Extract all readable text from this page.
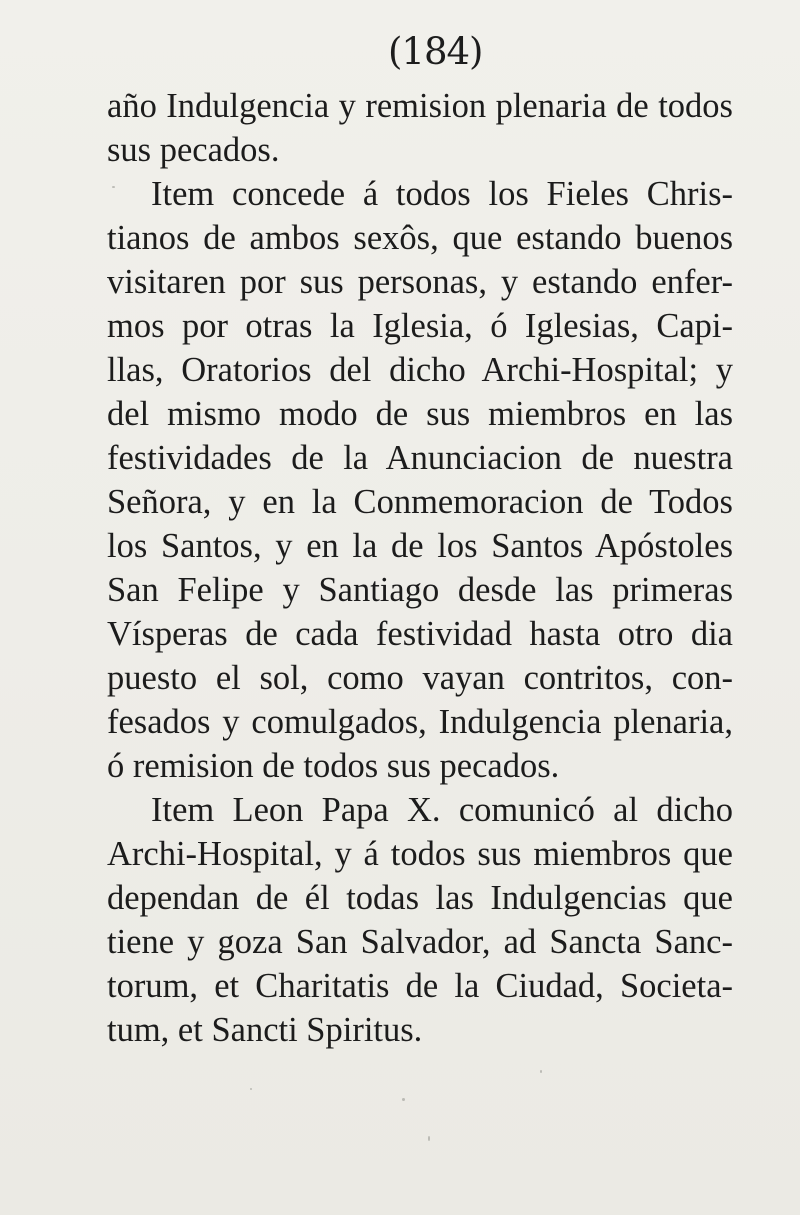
(184)
año Indulgencia y remision plenaria de todos
sus pecados.
Item concede á todos los Fieles Chris-
tianos de ambos sexôs, que estando buenos
visitaren por sus personas, y estando enfer-
mos por otras la Iglesia, ó Iglesias, Capi-
llas, Oratorios del dicho Archi-Hospital; y
del mismo modo de sus miembros en las
festividades de la Anunciacion de nuestra
Señora, y en la Conmemoracion de Todos
los Santos, y en la de los Santos Apóstoles
San Felipe y Santiago desde las primeras
Vísperas de cada festividad hasta otro dia
puesto el sol, como vayan contritos, con-
fesados y comulgados, Indulgencia plenaria,
ó remision de todos sus pecados.
Item Leon Papa X. comunicó al dicho
Archi-Hospital, y á todos sus miembros que
dependan de él todas las Indulgencias que
tiene y goza San Salvador, ad Sancta Sanc-
torum, et Charitatis de la Ciudad, Societa-
tum, et Sancti Spiritus.
